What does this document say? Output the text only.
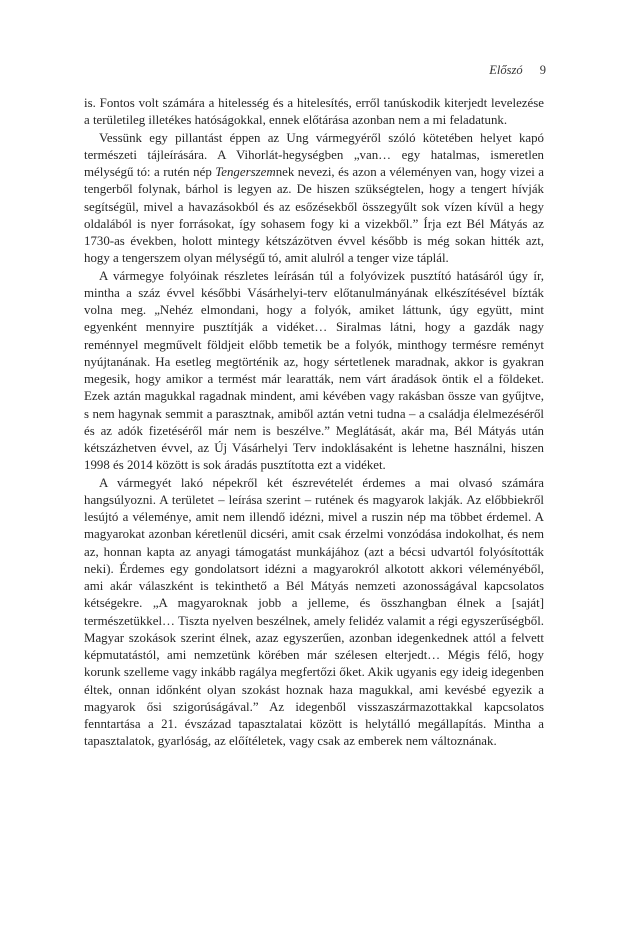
Előszó 9

is. Fontos volt számára a hitelesség és a hitelesítés, erről tanúskodik kiterjedt levelezése a területileg illetékes hatóságokkal, ennek előtárása azonban nem a mi feladatunk.

Vessünk egy pillantást éppen az Ung vármegyéről szóló kötetében helyet kapó természeti tájleírására. A Vihorlát-hegységben „van… egy hatalmas, ismeretlen mélységű tó: a rutén nép Tengerszemnek nevezi, és azon a véleményen van, hogy vizei a tengerből folynak, bárhol is legyen az. De hiszen szükségtelen, hogy a tengert hívják segítségül, mivel a havazásokból és az esőzésekből összegyűlt sok vízen kívül a hegy oldalából is nyer forrásokat, így sohasem fogy ki a vizekből.” Írja ezt Bél Mátyás az 1730-as években, holott mintegy kétszázötven évvel később is még sokan hitték azt, hogy a tengerszem olyan mélységű tó, amit alulról a tenger vize táplál.

A vármegye folyóinak részletes leírásán túl a folyóvizek pusztító hatásáról úgy ír, mintha a száz évvel későbbi Vásárhelyi-terv előtanulmányának elkészítésével bízták volna meg. „Nehéz elmondani, hogy a folyók, amiket láttunk, úgy együtt, mint egyenként mennyire pusztítják a vidéket… Siralmas látni, hogy a gazdák nagy reménnyel megművelt földjeit előbb temetik be a folyók, minthogy termésre reményt nyújtanának. Ha esetleg megtörténik az, hogy sértetlenek maradnak, akkor is gyakran megesik, hogy amikor a termést már learatták, nem várt áradások öntik el a földeket. Ezek aztán magukkal ragadnak mindent, ami kévében vagy rakásban össze van gyűjtve, s nem hagynak semmit a parasztnak, amiből aztán vetni tudna – a családja élelmezéséről és az adók fizetéséről már nem is beszélve.” Meglátását, akár ma, Bél Mátyás után kétszázhetven évvel, az Új Vásárhelyi Terv indoklásaként is lehetne használni, hiszen 1998 és 2014 között is sok áradás pusztította ezt a vidéket.

A vármegyét lakó népekről két észrevételét érdemes a mai olvasó számára hangsúlyozni. A területet – leírása szerint – rutének és magyarok lakják. Az előbbiekről lesújtó a véleménye, amit nem illendő idézni, mivel a ruszin nép ma többet érdemel. A magyarokat azonban kéretlenül dicséri, amit csak érzelmi vonzódása indokolhat, és nem az, honnan kapta az anyagi támogatást munkájához (azt a bécsi udvartól folyósították neki). Érdemes egy gondolatsort idézni a magyarokról alkotott akkori véleményéből, ami akár válaszként is tekinthető a Bél Mátyás nemzeti azonosságával kapcsolatos kétségekre. „A magyaroknak jobb a jelleme, és összhangban élnek a [saját] természetükkel… Tiszta nyelven beszélnek, amely felidéz valamit a régi egyszerűségből. Magyar szokások szerint élnek, azaz egyszerűen, azonban idegenkednek attól a felvett képmutatástól, ami nemzetünk körében már szélesen elterjedt… Mégis félő, hogy korunk szelleme vagy inkább ragálya megfertőzi őket. Akik ugyanis egy ideig idegenben éltek, onnan időnként olyan szokást hoznak haza magukkal, ami kevésbé egyezik a magyarok ősi szigorúságával.” Az idegenből visszaszármazottakkal kapcsolatos fenntartása a 21. évszázad tapasztalatai között is helytálló megállapítás. Mintha a tapasztalatok, gyarlóság, az előítéletek, vagy csak az emberek nem változnának.
